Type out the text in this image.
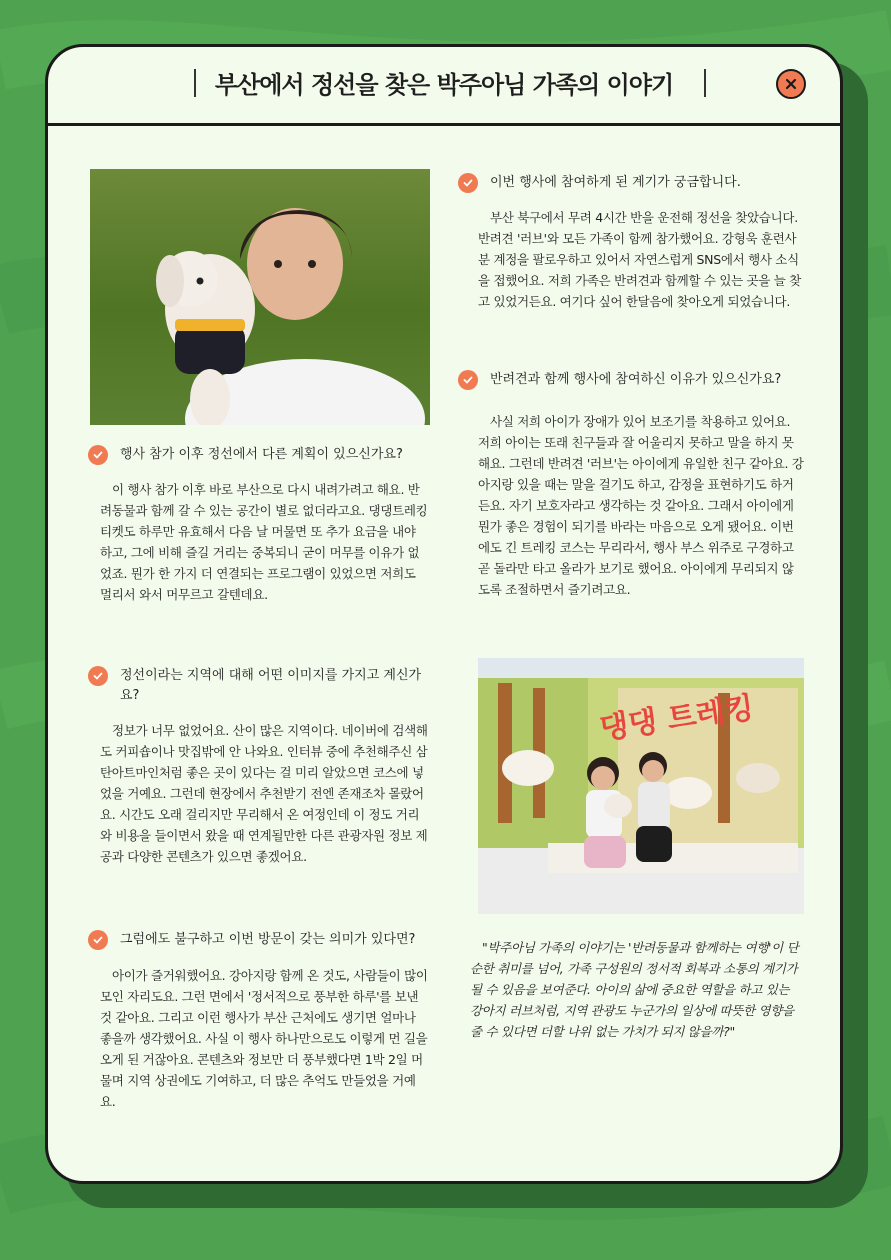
부산에서 정선을 찾은 박주아님 가족의 이야기
행사 참가 이후 정선에서 다른 계획이 있으신가요?

이 행사 참가 이후 바로 부산으로 다시 내려가려고 해요. 반려동물과 함께 갈 수 있는 공간이 별로 없더라고요. 댕댕트레킹 티켓도 하루만 유효해서 다음 날 머물면 또 추가 요금을 내야 하고, 그에 비해 즐길 거리는 중복되니 굳이 머무를 이유가 없었죠. 뭔가 한 가지 더 연결되는 프로그램이 있었으면 저희도 멀리서 와서 머무르고 갈텐데요.

정선이라는 지역에 대해 어떤 이미지를 가지고 계신가요?

정보가 너무 없었어요. 산이 많은 지역이다. 네이버에 검색해도 커피숍이나 맛집밖에 안 나와요. 인터뷰 중에 추천해주신 삼탄아트마인처럼 좋은 곳이 있다는 걸 미리 알았으면 코스에 넣었을 거예요. 그런데 현장에서 추천받기 전엔 존재조차 몰랐어요. 시간도 오래 걸리지만 무리해서 온 여정인데 이 정도 거리와 비용을 들이면서 왔을 때 연계될만한 다른 관광자원 정보 제공과 다양한 콘텐츠가 있으면 좋겠어요.

그럼에도 불구하고 이번 방문이 갖는 의미가 있다면?

아이가 즐거워했어요. 강아지랑 함께 온 것도, 사람들이 많이 모인 자리도요. 그런 면에서 '정서적으로 풍부한 하루'를 보낸 것 같아요. 그리고 이런 행사가 부산 근처에도 생기면 얼마나 좋을까 생각했어요. 사실 이 행사 하나만으로도 이렇게 먼 길을 오게 된 거잖아요. 콘텐츠와 정보만 더 풍부했다면 1박 2일 머물며 지역 상권에도 기여하고, 더 많은 추억도 만들었을 거예요.

이번 행사에 참여하게 된 계기가 궁금합니다.

부산 북구에서 무려 4시간 반을 운전해 정선을 찾았습니다. 반려견 '러브'와 모든 가족이 함께 참가했어요. 강형욱 훈련사분 계정을 팔로우하고 있어서 자연스럽게 SNS에서 행사 소식을 접했어요. 저희 가족은 반려견과 함께할 수 있는 곳을 늘 찾고 있었거든요. 여기다 싶어 한달음에 찾아오게 되었습니다.

반려견과 함께 행사에 참여하신 이유가 있으신가요?

사실 저희 아이가 장애가 있어 보조기를 착용하고 있어요. 저희 아이는 또래 친구들과 잘 어울리지 못하고 말을 하지 못해요. 그런데 반려견 '러브'는 아이에게 유일한 친구 같아요. 강아지랑 있을 때는 말을 걸기도 하고, 감정을 표현하기도 하거든요. 자기 보호자라고 생각하는 것 같아요. 그래서 아이에게 뭔가 좋은 경험이 되기를 바라는 마음으로 오게 됐어요. 이번에도 긴 트레킹 코스는 무리라서, 행사 부스 위주로 구경하고 곧 돌라만 타고 올라가 보기로 했어요. 아이에게 무리되지 않도록 조절하면서 즐기려고요.

댕댕 트레킹

"박주아님 가족의 이야기는 '반려동물과 함께하는 여행'이 단순한 취미를 넘어, 가족 구성원의 정서적 회복과 소통의 계기가 될 수 있음을 보여준다. 아이의 삶에 중요한 역할을 하고 있는 강아지 러브처럼, 지역 관광도 누군가의 일상에 따뜻한 영향을 줄 수 있다면 더할 나위 없는 가치가 되지 않을까?"
